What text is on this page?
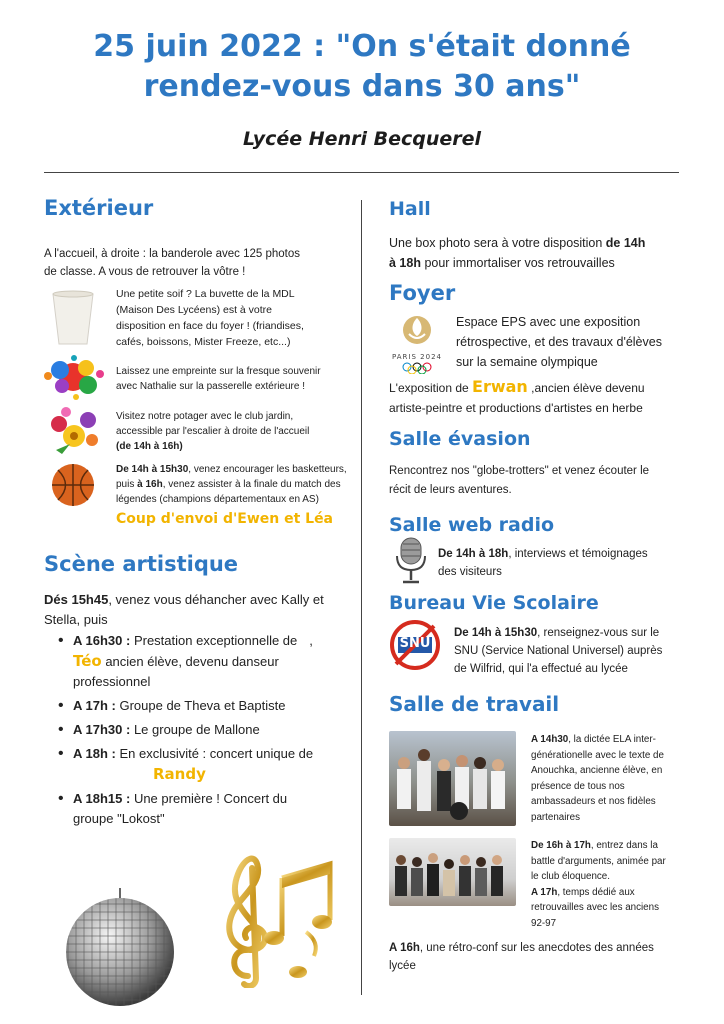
25 juin 2022 : "On s'était donné
rendez-vous dans 30 ans"
Lycée Henri Becquerel
Extérieur
A l'accueil, à droite : la banderole avec 125 photos
de classe. A vous de retrouver la vôtre !
Une petite soif ? La buvette de la MDL
(Maison Des Lycéens) est à votre
disposition en face du foyer ! (friandises,
cafés, boissons, Mister Freeze, etc...)
Laissez une empreinte sur la fresque souvenir
avec Nathalie sur la passerelle extérieure !
Visitez notre potager avec le club jardin,
accessible par l'escalier à droite de l'accueil
(de 14h à 16h)
De 14h à 15h30, venez encourager les basketteurs,
puis à 16h, venez assister à la finale du match des
légendes (champions départementaux en AS)
Coup d'envoi d'Ewen et Léa
Scène artistique
Dés 15h45, venez vous déhancher avec Kally et
Stella, puis
• A 16h30 : Prestation exceptionnelle de ,
Téo ancien élève, devenu danseur
professionnel
• A 17h : Groupe de Theva et Baptiste
• A 17h30 : Le groupe de Mallone
• A 18h : En exclusivité : concert unique de
Randy
• A 18h15 : Une première ! Concert du
groupe "Lokost"
Hall
Une box photo sera à votre disposition de 14h
à 18h pour immortaliser vos retrouvailles
Foyer
PARIS 2024
Espace EPS avec une exposition
rétrospective, et des travaux d'élèves
sur la semaine olympique
L'exposition de Erwan ,ancien élève devenu
artiste-peintre et productions d'artistes en herbe
Salle évasion
Rencontrez nos "globe-trotters" et venez écouter le
récit de leurs aventures.
Salle web radio
De 14h à 18h, interviews et témoignages
des visiteurs
Bureau Vie Scolaire
SNU
De 14h à 15h30, renseignez-vous sur le
SNU (Service National Universel) auprès
de Wilfrid, qui l'a effectué au lycée
Salle de travail
A 14h30, la dictée ELA inter-
générationelle avec le texte de
Anouchka, ancienne élève, en
présence de tous nos
ambassadeurs et nos fidèles
partenaires
De 16h à 17h, entrez dans la
battle d'arguments, animée par
le club éloquence.
A 17h, temps dédié aux
retrouvailles avec les anciens
92-97
A 16h, une rétro-conf sur les anecdotes des années
lycée
